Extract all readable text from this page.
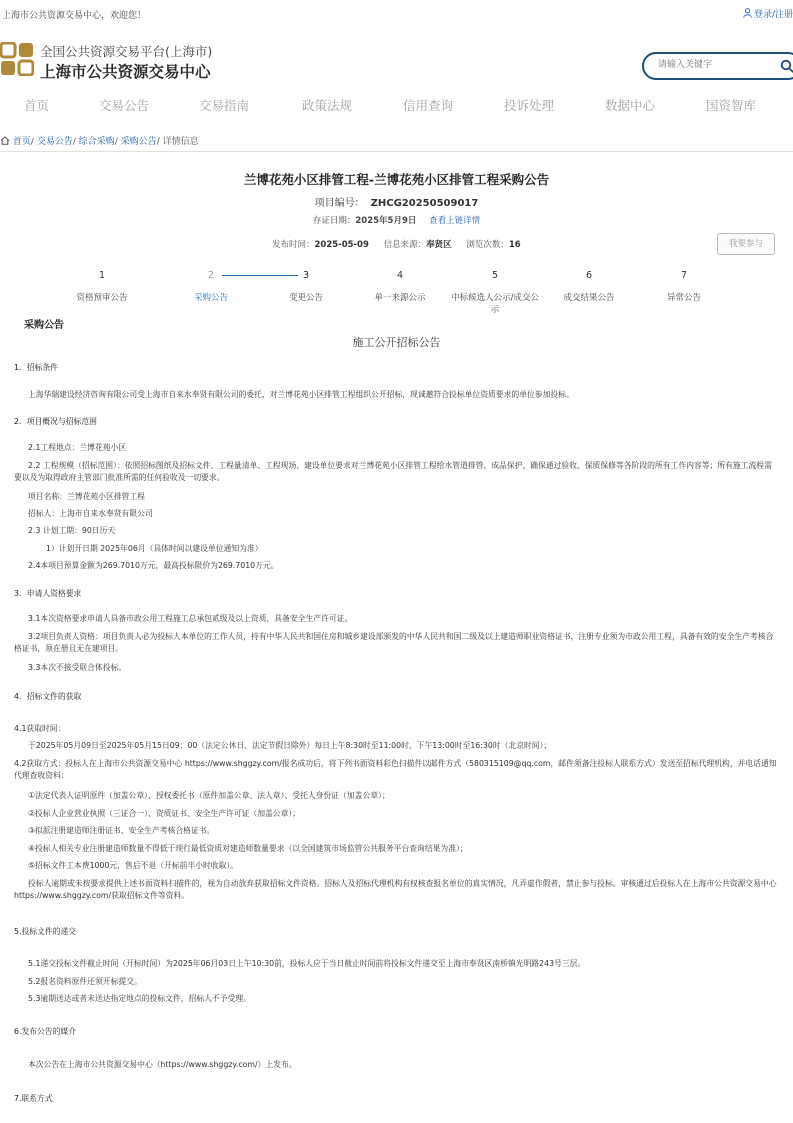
上海市公共资源交易中心，欢迎您！	登录/注册
全国公共资源交易平台(上海市)
上海市公共资源交易中心
请输入关键字
首页	交易公告	交易指南	政策法规	信用查询	投诉处理	数据中心	国资智库
首页/ 交易公告/ 综合采购/ 采购公告/ 详情信息
兰博花苑小区排管工程-兰博花苑小区排管工程采购公告
项目编号： ZHCG20250509017
存证日期：2025年5月9日 查看上链详情
发布时间：2025-05-09 信息来源：奉贤区 浏览次数：16	我要参与
1
资格预审公告
2
采购公告
3
变更公告
4
单一来源公示
5
中标候选人公示/成交公示
6
成交结果公告
7
异常公告
采购公告
施工公开招标公告
1．招标条件
上海华瑞建设经济咨询有限公司受上海市自来水奉贤有限公司的委托，对兰博花苑小区排管工程组织公开招标，现诚邀符合投标单位资质要求的单位参加投标。
2．项目概况与招标范围
2.1工程地点：兰博花苑小区
2.2 工程规模（招标范围）：依照招标图纸及招标文件、工程量清单、工程现场、建设单位要求对兰博花苑小区排管工程给水管道排管、成品保护、确保通过验收、保质保修等各阶段的所有工作内容等；所有施工流程需要以及为取得政府主管部门批准所需的任何验收及一切要求。
项目名称：兰博花苑小区排管工程
招标人：上海市自来水奉贤有限公司
2.3 计划工期：90日历天
1）计划开日期 2025年06月（具体时间以建设单位通知为准）
2.4本项目预算金额为269.7010万元，最高投标限价为269.7010万元。
3．申请人资格要求
3.1本次资格要求申请人具备市政公用工程施工总承包贰级及以上资质，具备安全生产许可证。
3.2项目负责人资格：项目负责人必为投标人本单位的工作人员，持有中华人民共和国住房和城乡建设部颁发的中华人民共和国二级及以上建造师职业资格证书，注册专业须为市政公用工程，具备有效的安全生产考核合格证书，须在册且无在建项目。
3.3本次不接受联合体投标。
4．招标文件的获取
4.1获取时间：
于2025年05月09日至2025年05月15日09：00（法定公休日、法定节假日除外）每日上午8:30时至11:00时，下午13:00时至16:30时（北京时间）；
4.2获取方式：投标人在上海市公共资源交易中心 https://www.shggzy.com/报名成功后，将下列书面资料彩色扫描件以邮件方式（580315109@qq.com，邮件须备注投标人联系方式）发送至招标代理机构，并电话通知代理查收资料：
①法定代表人证明原件（加盖公章）、授权委托书（原件加盖公章、法人章）、受托人身份证（加盖公章）；
②投标人企业营业执照（三证合一）、资质证书、安全生产许可证（加盖公章）；
③拟派注册建造师注册证书、安全生产考核合格证书。
④投标人相关专业注册建造师数量不得低于现行最低资质对建造师数量要求（以全国建筑市场监管公共服务平台查询结果为准）；
⑤招标文件工本费1000元，售后不退（开标前半小时收取）。
投标人逾期或未按要求提供上述书面资料扫描件的，视为自动放弃获取招标文件资格。招标人及招标代理机构有权核查报名单位的真实情况，凡弄虚作假者，禁止参与投标。审核通过后投标人在上海市公共资源交易中心 https://www.shggzy.com/获取招标文件等资料。
5.投标文件的递交
5.1递交投标文件截止时间（开标时间）为2025年06月03日上午10:30前，投标人应于当日截止时间前将投标文件递交至上海市奉贤区南桥镇光明路243号三层。
5.2报名资料原件还须开标提交。
5.3逾期送达或者未送达指定地点的投标文件，招标人不予受理。
6.发布公告的媒介
本次公告在上海市公共资源交易中心（https://www.shggzy.com/）上发布。
7.联系方式
